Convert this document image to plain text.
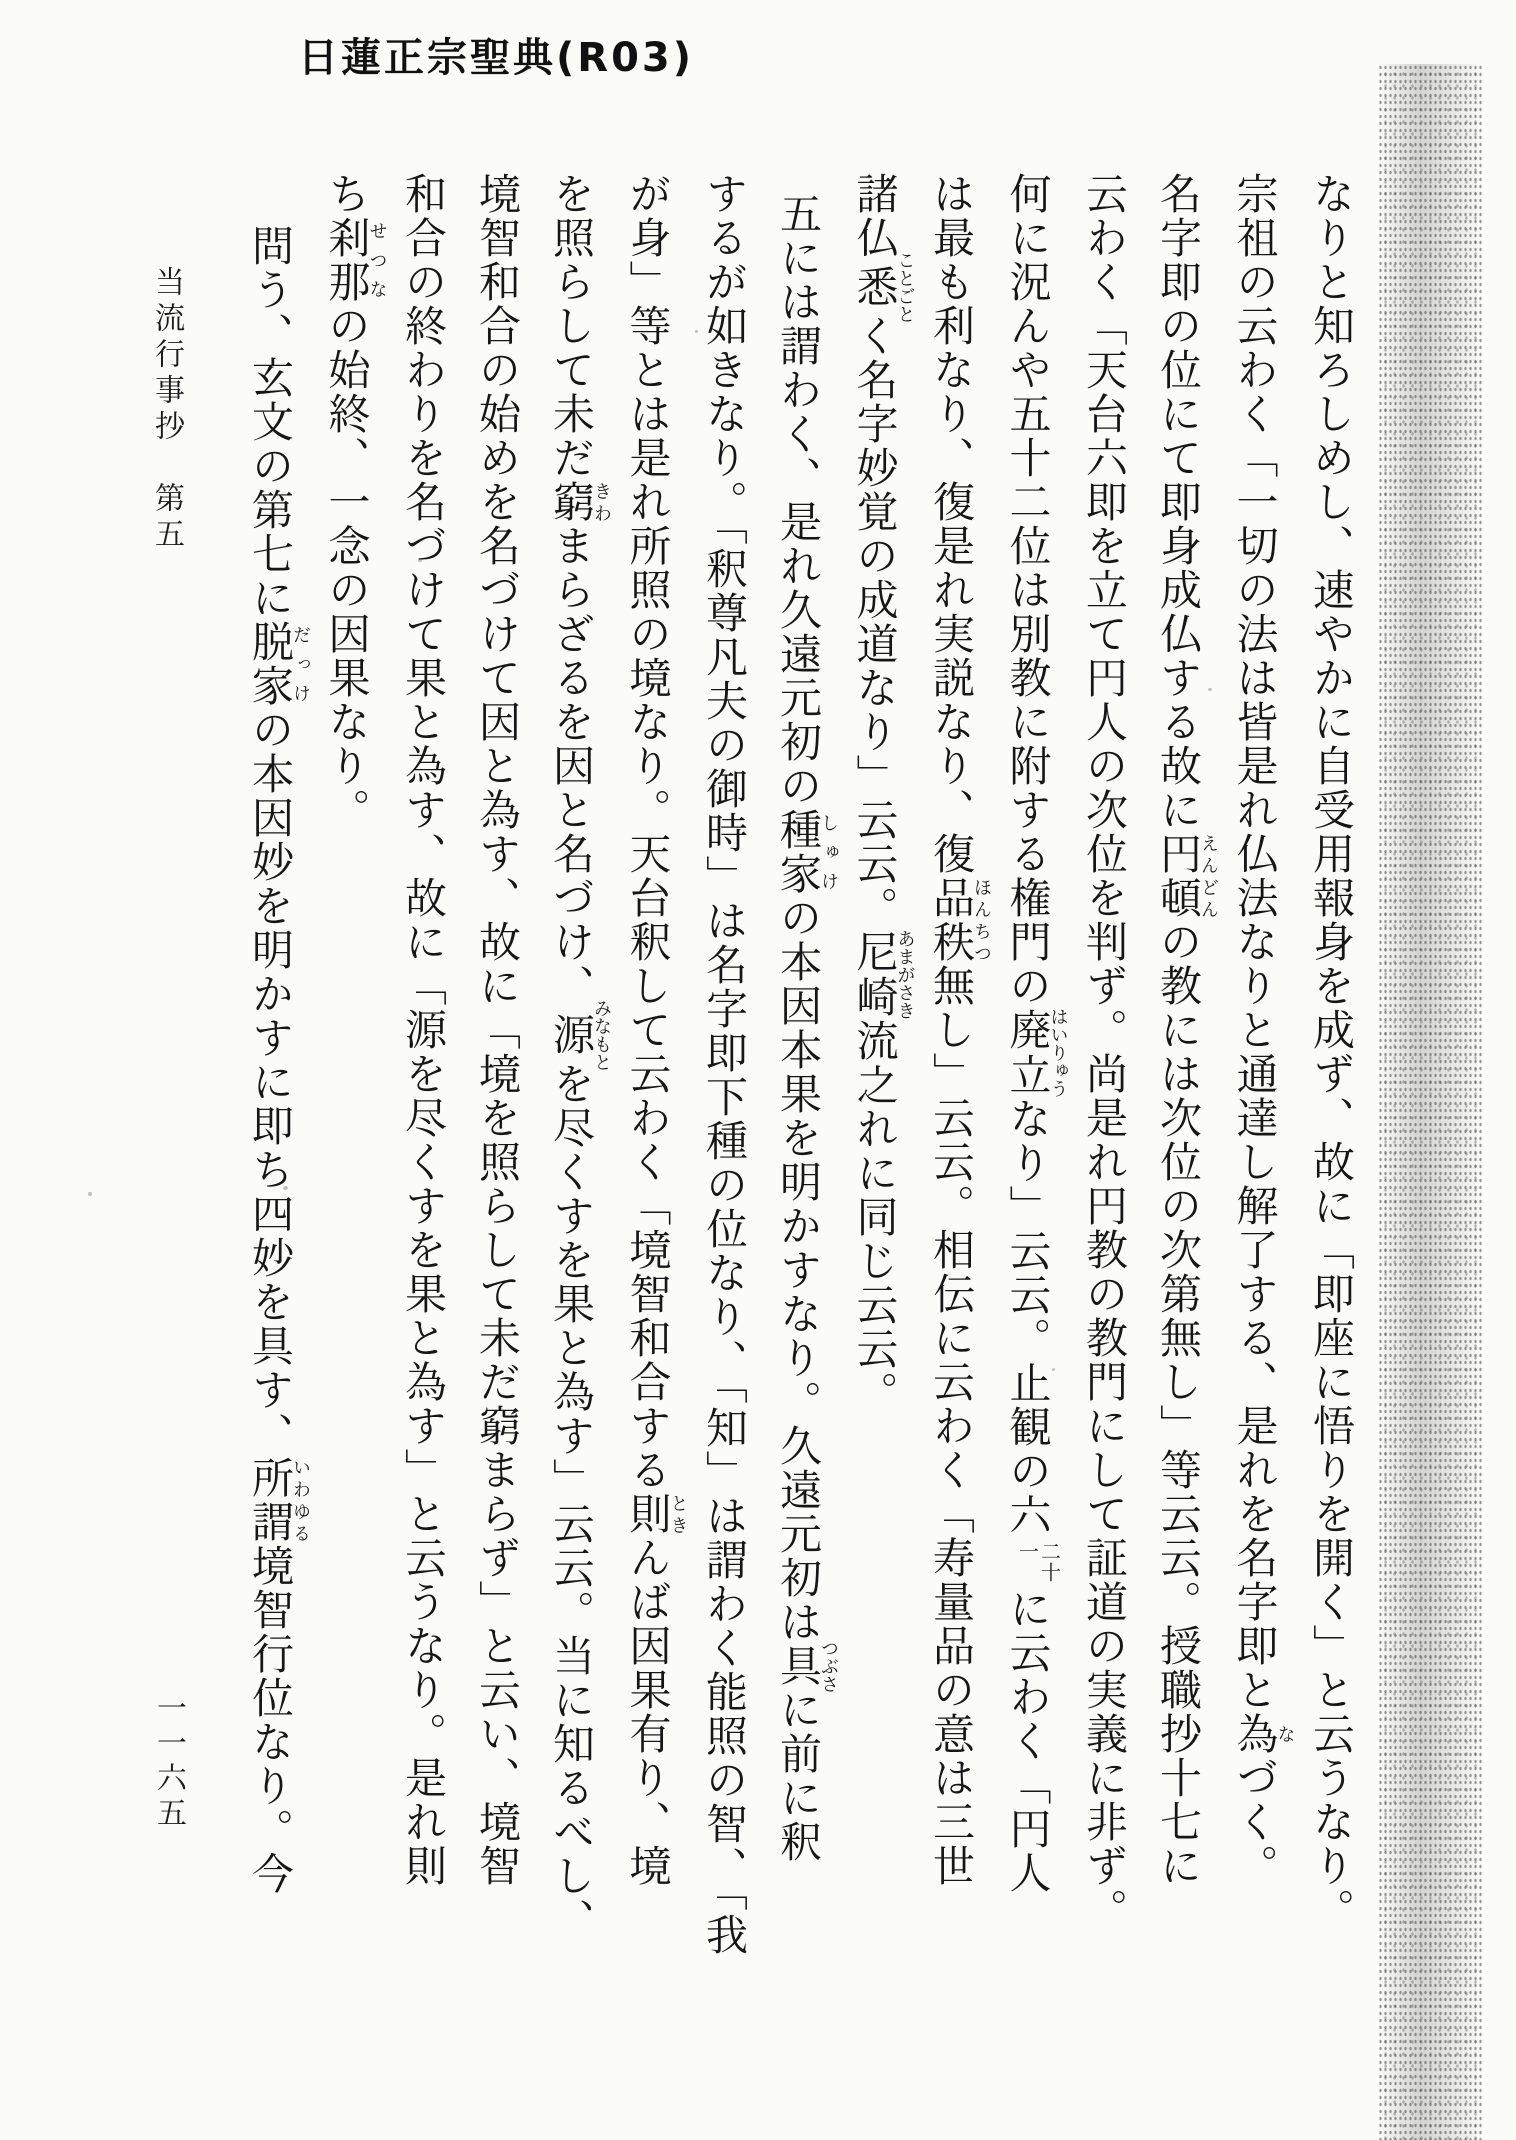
日蓮正宗聖典(R03)
なりと知ろしめし、速やかに自受用報身を成ず、故に「即座に悟りを開く」と云うなり。
宗祖の云わく「一切の法は皆是れ仏法なりと通達し解了する、是れを名字即と為なづく。
名字即の位にて即身成仏する故に円頓えんどんの教には次位の次第無し」等云云。授職抄十七に
云わく「天台六即を立て円人の次位を判ず。尚是れ円教の教門にして証道の実義に非ず。
何に況んや五十二位は別教に附する権門の廃立はいりゅうなり」云云。止観の六
二十
一
に云わく「円人
は最も利なり、復是れ実説なり、復品秩ほんちつ無し」云云。相伝に云わく「寿量品の意は三世
諸仏悉ことごとく名字妙覚の成道なり」云云。尼崎あまがさき流之れに同じ云云。
五には謂わく、是れ久遠元初の種家しゅけの本因本果を明かすなり。久遠元初は具つぶさに前に釈
するが如きなり。「釈尊凡夫の御時」は名字即下種の位なり、「知」は謂わく能照の智、「我
が身」等とは是れ所照の境なり。天台釈して云わく「境智和合する則ときんば因果有り、境
を照らして未だ窮きわまらざるを因と名づけ、源みなもとを尽くすを果と為す」云云。当に知るべし、
境智和合の始めを名づけて因と為す、故に「境を照らして未だ窮まらず」と云い、境智
和合の終わりを名づけて果と為す、故に「源を尽くすを果と為す」と云うなり。是れ則
ち刹那せつなの始終、一念の因果なり。
問う、玄文の第七に脱家だっけの本因妙を明かすに即ち四妙を具す、所謂いわゆる境智行位なり。今
当流行事抄　第五
一一六五
